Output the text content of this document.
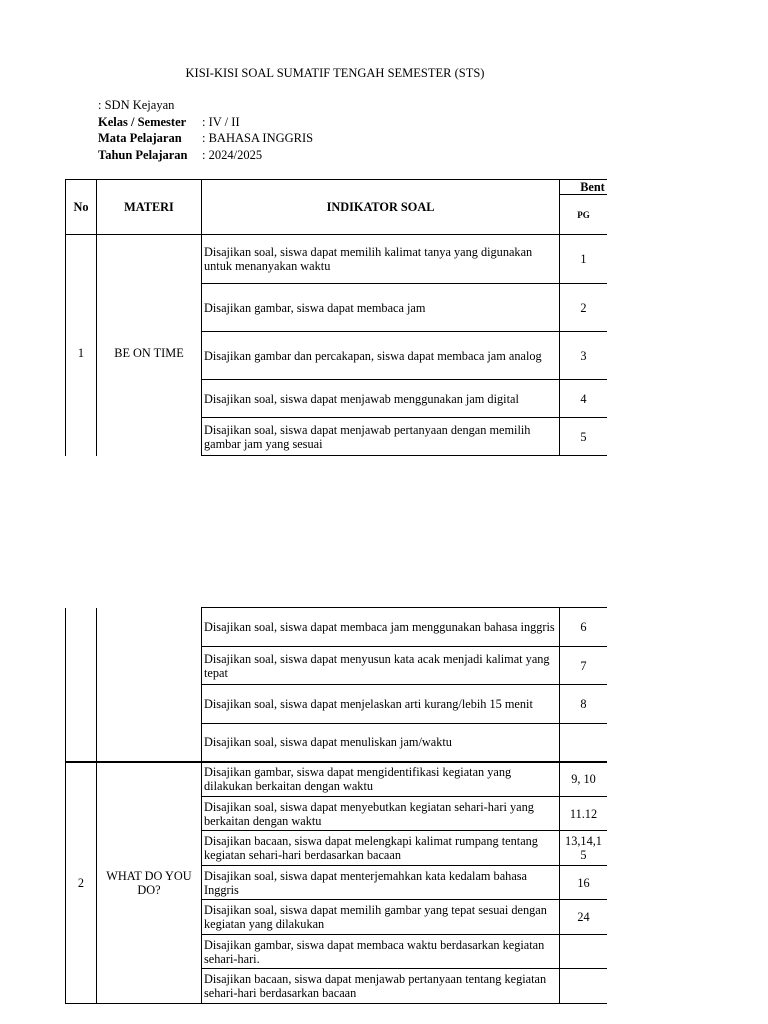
KISI-KISI SOAL SUMATIF TENGAH SEMESTER (STS)
: SDN Kejayan
Kelas / Semester : IV / II
Mata Pelajaran : BAHASA INGGRIS
Tahun Pelajaran : 2024/2025
No	MATERI	INDIKATOR SOAL	Bent
			PG
1	BE ON TIME	Disajikan soal, siswa dapat memilih kalimat tanya yang digunakan untuk menanyakan waktu	1
		Disajikan gambar, siswa dapat membaca jam	2
		Disajikan gambar dan percakapan, siswa dapat membaca jam analog	3
		Disajikan soal, siswa dapat menjawab menggunakan jam digital	4
		Disajikan soal, siswa dapat menjawab pertanyaan dengan memilih gambar jam yang sesuai	5
		Disajikan soal, siswa dapat membaca jam menggunakan bahasa inggris	6
		Disajikan soal, siswa dapat menyusun kata acak menjadi kalimat yang tepat	7
		Disajikan soal, siswa dapat menjelaskan arti kurang/lebih 15 menit	8
		Disajikan soal, siswa dapat menuliskan jam/waktu	
2	WHAT DO YOU DO?	Disajikan gambar, siswa dapat mengidentifikasi kegiatan yang dilakukan berkaitan dengan waktu	9, 10
		Disajikan soal, siswa dapat menyebutkan kegiatan sehari-hari yang berkaitan dengan waktu	11.12
		Disajikan bacaan, siswa dapat melengkapi kalimat rumpang tentang kegiatan sehari-hari berdasarkan bacaan	13,14,15
		Disajikan soal, siswa dapat menterjemahkan kata kedalam bahasa Inggris	16
		Disajikan soal, siswa dapat memilih gambar yang tepat sesuai dengan kegiatan yang dilakukan	24
		Disajikan gambar, siswa dapat membaca waktu berdasarkan kegiatan sehari-hari.	
		Disajikan bacaan, siswa dapat menjawab pertanyaan tentang kegiatan sehari-hari berdasarkan bacaan	
